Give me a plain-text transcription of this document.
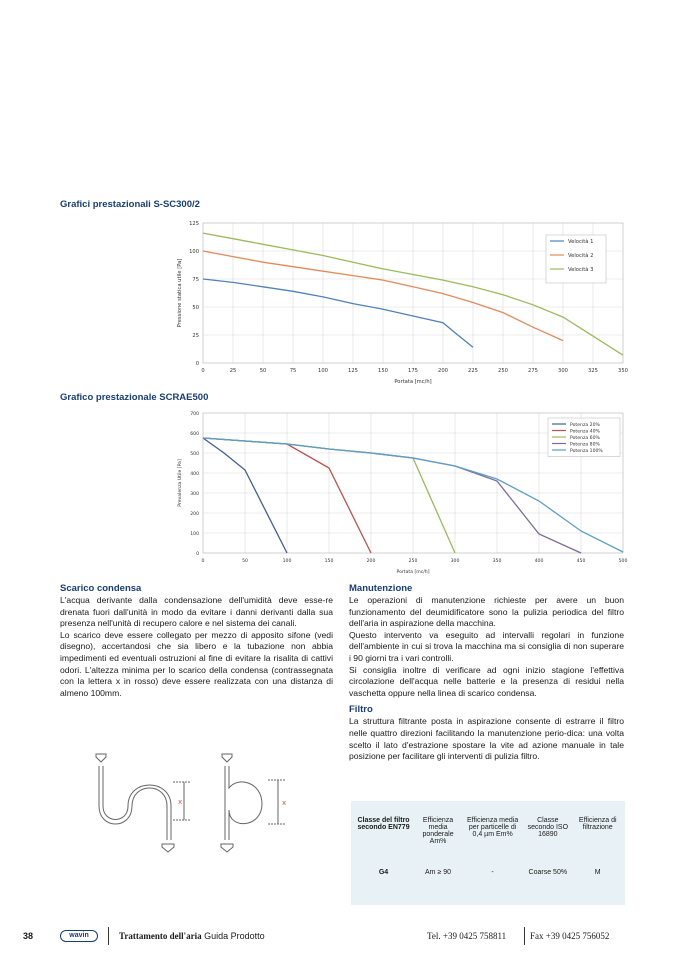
Grafici prestazionali S-SC300/2
0
25
50
75
100
125
0	25	50	75	100	125	150	175	200	225	250	275	300	325	350
Portata [mc/h]
Pressione statica utile [Pa]
Velocità 1
Velocità 2
Velocità 3
Grafico prestazionale SCRAE500
0
100
200
300
400
500
600
700
0	50	100	150	200	250	300	350	400	450	500
Portata [mc/h]
Prevalenza Utile [Pa]
Potenza 20%
Potenza 40%
Potenza 60%
Potenza 80%
Potenza 100%
Scarico condensa

L'acqua derivante dalla condensazione dell'umidità deve esse-re drenata fuori dall'unità in modo da evitare i danni derivanti dalla sua presenza nell'unità di recupero calore e nel sistema dei canali.

Lo scarico deve essere collegato per mezzo di apposito sifone (vedi disegno), accertandosi che sia libero e la tubazione non abbia impedimenti ed eventuali ostruzioni al fine di evitare la risalita di cattivi odori. L'altezza minima per lo scarico della condensa (contrassegnata con la lettera x in rosso) deve essere realizzata con una distanza di almeno 100mm.

x	x
Manutenzione

Le operazioni di manutenzione richieste per avere un buon funzionamento del deumidificatore sono la pulizia periodica del filtro dell'aria in aspirazione della macchina.

Questo intervento va eseguito ad intervalli regolari in funzione dell'ambiente in cui si trova la macchina ma si consiglia di non superare i 90 giorni tra i vari controlli.

Si consiglia inoltre di verificare ad ogni inizio stagione l'effettiva circolazione dell'acqua nelle batterie e la presenza di residui nella vaschetta oppure nella linea di scarico condensa.

Filtro

La struttura filtrante posta in aspirazione consente di estrarre il filtro nelle quattro direzioni facilitando la manutenzione perio-dica: una volta scelto il lato d'estrazione spostare la vite ad azione manuale in tale posizione per facilitare gli interventi di pulizia filtro.

Classe del filtro secondo EN779	Efficienza media ponderale Am%	Efficienza media per particelle di 0,4 µm Em%	Classe secondo ISO 16890	Efficienza di filtrazione
G4	Am ≥ 90	-	Coarse 50%	M
38	wavin	Trattamento dell'aria Guida Prodotto	Tel. +39 0425 758811	Fax +39 0425 756052
